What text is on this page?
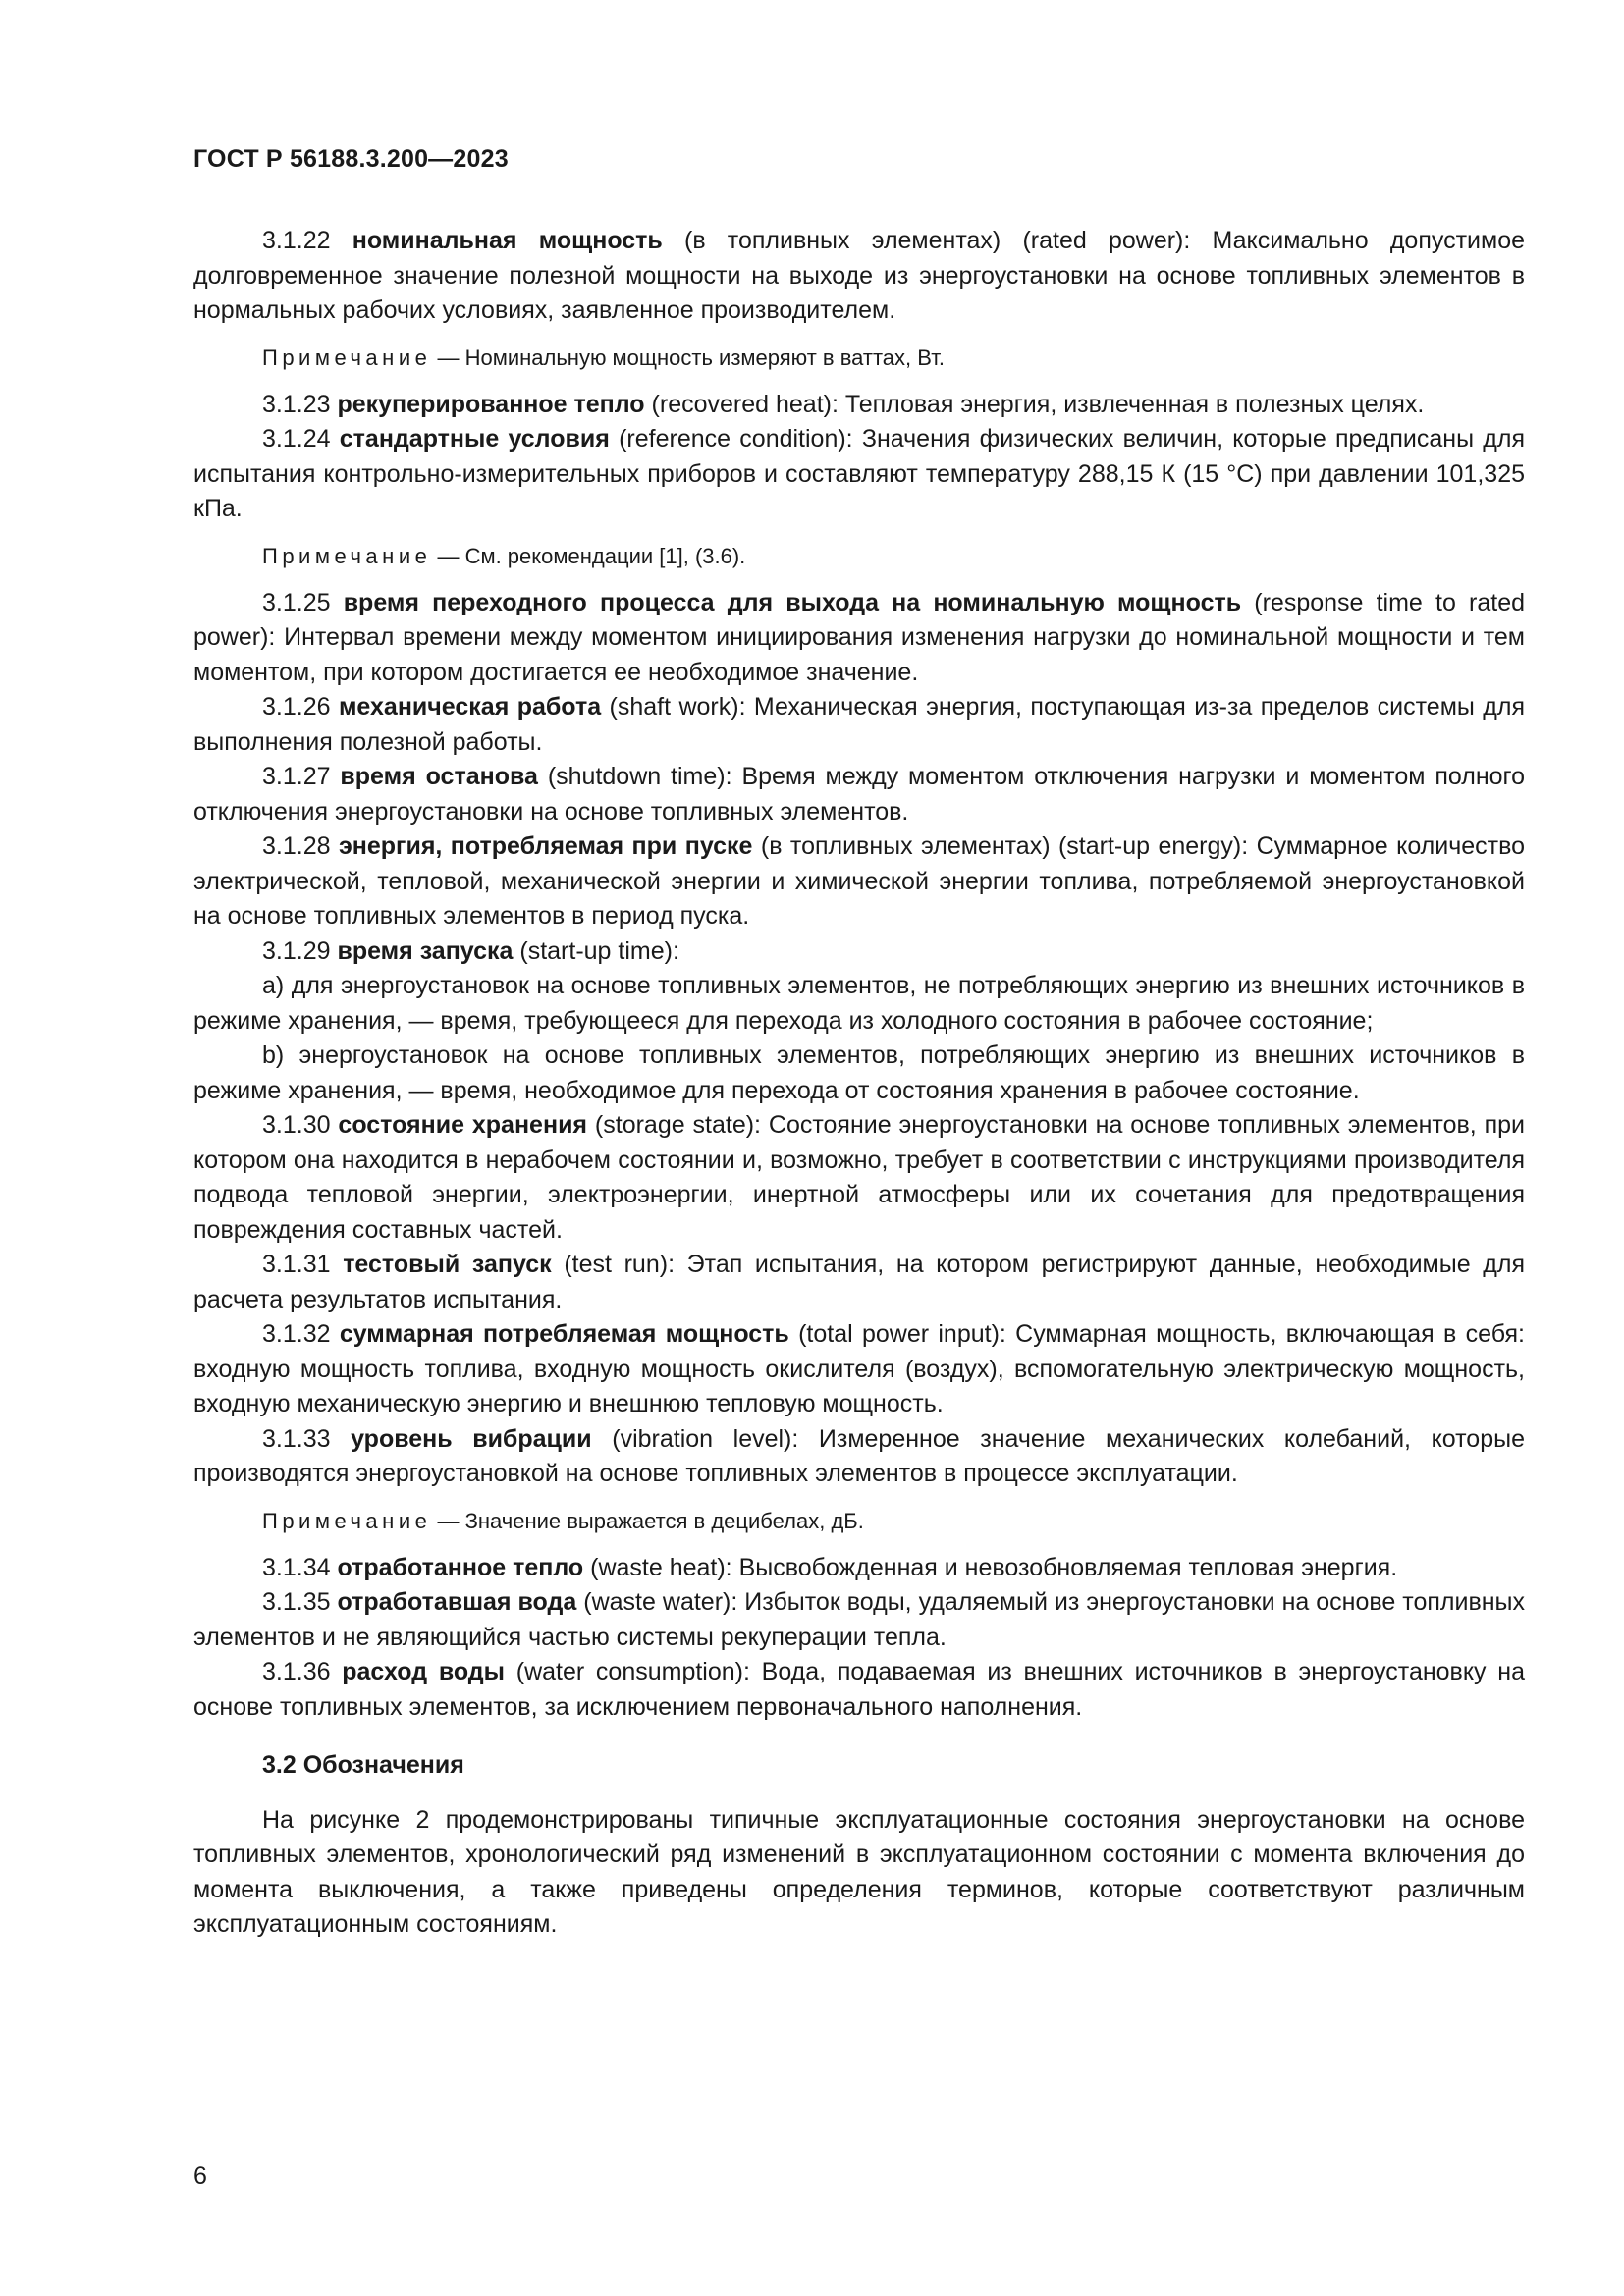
ГОСТ Р 56188.3.200—2023

3.1.22 номинальная мощность (в топливных элементах) (rated power): Максимально допустимое долговременное значение полезной мощности на выходе из энергоустановки на основе топливных элементов в нормальных рабочих условиях, заявленное производителем.

Примечание — Номинальную мощность измеряют в ваттах, Вт.

3.1.23 рекуперированное тепло (recovered heat): Тепловая энергия, извлеченная в полезных целях.

3.1.24 стандартные условия (reference condition): Значения физических величин, которые предписаны для испытания контрольно-измерительных приборов и составляют температуру 288,15 К (15 °С) при давлении 101,325 кПа.

Примечание — См. рекомендации [1], (3.6).

3.1.25 время переходного процесса для выхода на номинальную мощность (response time to rated power): Интервал времени между моментом инициирования изменения нагрузки до номинальной мощности и тем моментом, при котором достигается ее необходимое значение.

3.1.26 механическая работа (shaft work): Механическая энергия, поступающая из-за пределов системы для выполнения полезной работы.

3.1.27 время останова (shutdown time): Время между моментом отключения нагрузки и моментом полного отключения энергоустановки на основе топливных элементов.

3.1.28 энергия, потребляемая при пуске (в топливных элементах) (start-up energy): Суммарное количество электрической, тепловой, механической энергии и химической энергии топлива, потребляемой энергоустановкой на основе топливных элементов в период пуска.

3.1.29 время запуска (start-up time):

a) для энергоустановок на основе топливных элементов, не потребляющих энергию из внешних источников в режиме хранения, — время, требующееся для перехода из холодного состояния в рабочее состояние;

b) энергоустановок на основе топливных элементов, потребляющих энергию из внешних источников в режиме хранения, — время, необходимое для перехода от состояния хранения в рабочее состояние.

3.1.30 состояние хранения (storage state): Состояние энергоустановки на основе топливных элементов, при котором она находится в нерабочем состоянии и, возможно, требует в соответствии с инструкциями производителя подвода тепловой энергии, электроэнергии, инертной атмосферы или их сочетания для предотвращения повреждения составных частей.

3.1.31 тестовый запуск (test run): Этап испытания, на котором регистрируют данные, необходимые для расчета результатов испытания.

3.1.32 суммарная потребляемая мощность (total power input): Суммарная мощность, включающая в себя: входную мощность топлива, входную мощность окислителя (воздух), вспомогательную электрическую мощность, входную механическую энергию и внешнюю тепловую мощность.

3.1.33 уровень вибрации (vibration level): Измеренное значение механических колебаний, которые производятся энергоустановкой на основе топливных элементов в процессе эксплуатации.

Примечание — Значение выражается в децибелах, дБ.

3.1.34 отработанное тепло (waste heat): Высвобожденная и невозобновляемая тепловая энергия.

3.1.35 отработавшая вода (waste water): Избыток воды, удаляемый из энергоустановки на основе топливных элементов и не являющийся частью системы рекуперации тепла.

3.1.36 расход воды (water consumption): Вода, подаваемая из внешних источников в энергоустановку на основе топливных элементов, за исключением первоначального наполнения.

3.2 Обозначения

На рисунке 2 продемонстрированы типичные эксплуатационные состояния энергоустановки на основе топливных элементов, хронологический ряд изменений в эксплуатационном состоянии с момента включения до момента выключения, а также приведены определения терминов, которые соответствуют различным эксплуатационным состояниям.

6
